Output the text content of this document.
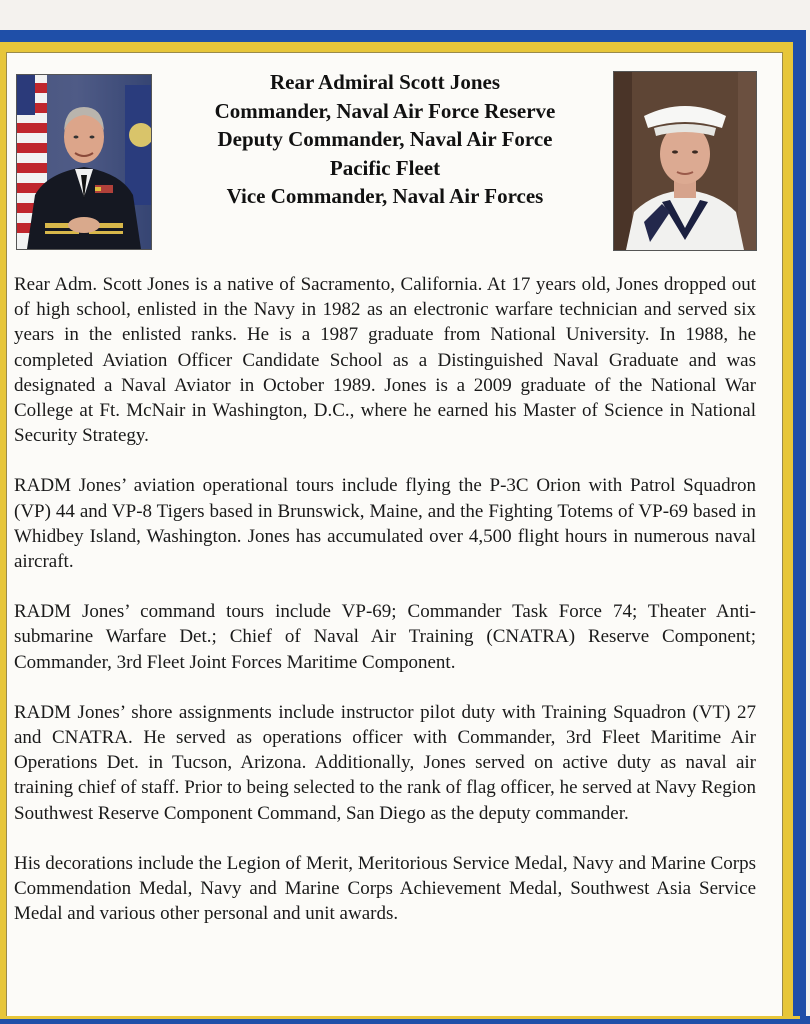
Rear Admiral Scott Jones
Commander, Naval Air Force Reserve
Deputy Commander, Naval Air Force
Pacific Fleet
Vice Commander, Naval Air Forces

Rear Adm. Scott Jones is a native of Sacramento, California. At 17 years old, Jones dropped out of high school, enlisted in the Navy in 1982 as an electronic warfare technician and served six years in the enlisted ranks. He is a 1987 graduate from National University. In 1988, he completed Aviation Officer Candidate School as a Distinguished Naval Graduate and was designated a Naval Aviator in October 1989. Jones is a 2009 graduate of the National War College at Ft. McNair in Washington, D.C., where he earned his Master of Science in National Security Strategy.

RADM Jones’ aviation operational tours include flying the P-3C Orion with Patrol Squadron (VP) 44 and VP-8 Tigers based in Brunswick, Maine, and the Fighting Totems of VP-69 based in Whidbey Island, Washington. Jones has accumulated over 4,500 flight hours in numerous naval aircraft.

RADM Jones’ command tours include VP-69; Commander Task Force 74; Theater Anti-submarine Warfare Det.; Chief of Naval Air Training (CNATRA) Reserve Component; Commander, 3rd Fleet Joint Forces Maritime Component.

RADM Jones’ shore assignments include instructor pilot duty with Training Squadron (VT) 27 and CNATRA. He served as operations officer with Commander, 3rd Fleet Maritime Air Operations Det. in Tucson, Arizona. Additionally, Jones served on active duty as naval air training chief of staff. Prior to being selected to the rank of flag officer, he served at Navy Region Southwest Reserve Component Command, San Diego as the deputy commander.

His decorations include the Legion of Merit, Meritorious Service Medal, Navy and Marine Corps Commendation Medal, Navy and Marine Corps Achievement Medal, Southwest Asia Service Medal and various other personal and unit awards.
